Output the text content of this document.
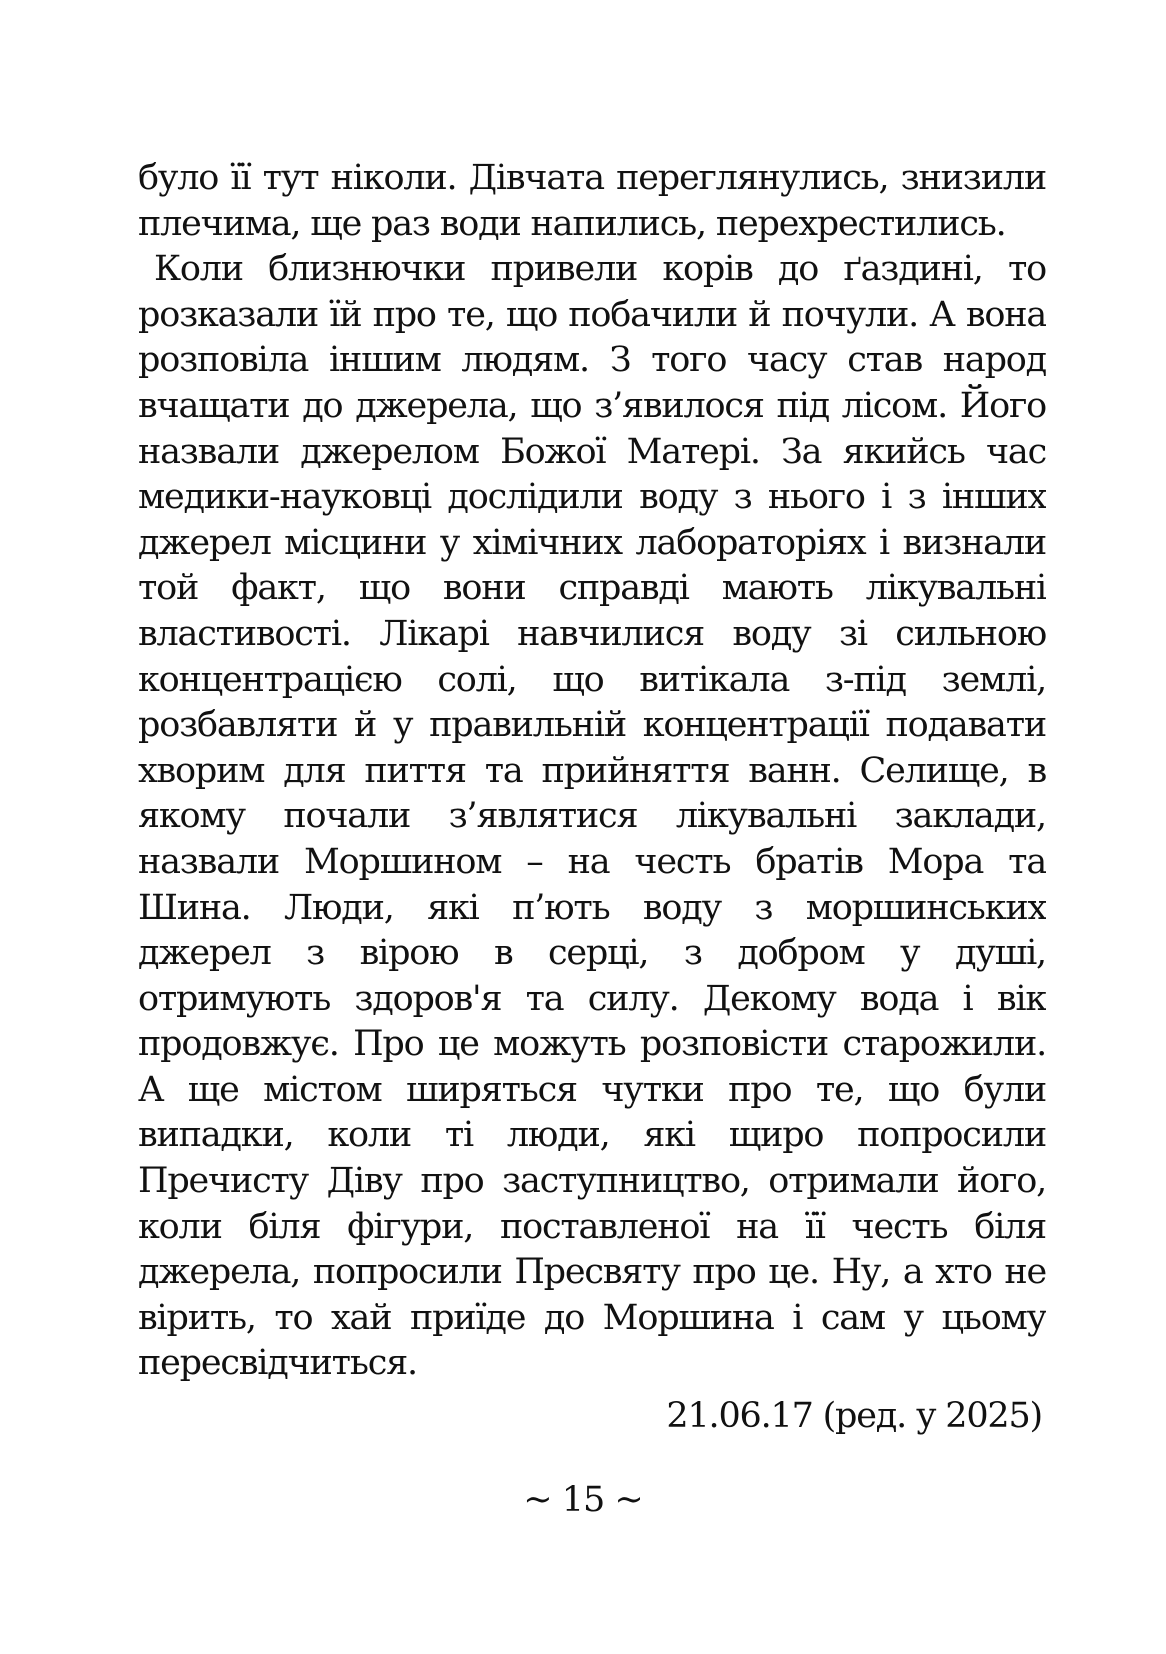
було її тут ніколи. Дівчата переглянулись, знизили
плечима, ще раз води напились, перехрестились.
Коли близнючки привели корів до ґаздині, то
розказали їй про те, що побачили й почули. А вона
розповіла іншим людям. З того часу став народ
вчащати до джерела, що з’явилося під лісом. Його
назвали джерелом Божої Матері. За якийсь час
медики-науковці дослідили воду з нього і з інших
джерел місцини у хімічних лабораторіях і визнали
той факт, що вони справді мають лікувальні
властивості. Лікарі навчилися воду зі сильною
концентрацією солі, що витікала з-під землі,
розбавляти й у правильній концентрації подавати
хворим для пиття та прийняття ванн. Селище, в
якому почали з’являтися лікувальні заклади,
назвали Моршином – на честь братів Мора та
Шина. Люди, які п’ють воду з моршинських
джерел з вірою в серці, з добром у душі,
отримують здоров'я та силу. Декому вода і вік
продовжує. Про це можуть розповісти старожили.
А ще містом ширяться чутки про те, що були
випадки, коли ті люди, які щиро попросили
Пречисту Діву про заступництво, отримали його,
коли біля фігури, поставленої на її честь біля
джерела, попросили Пресвяту про це. Ну, а хто не
вірить, то хай приїде до Моршина і сам у цьому
пересвідчиться.
21.06.17 (ред. у 2025)
~ 15 ~
